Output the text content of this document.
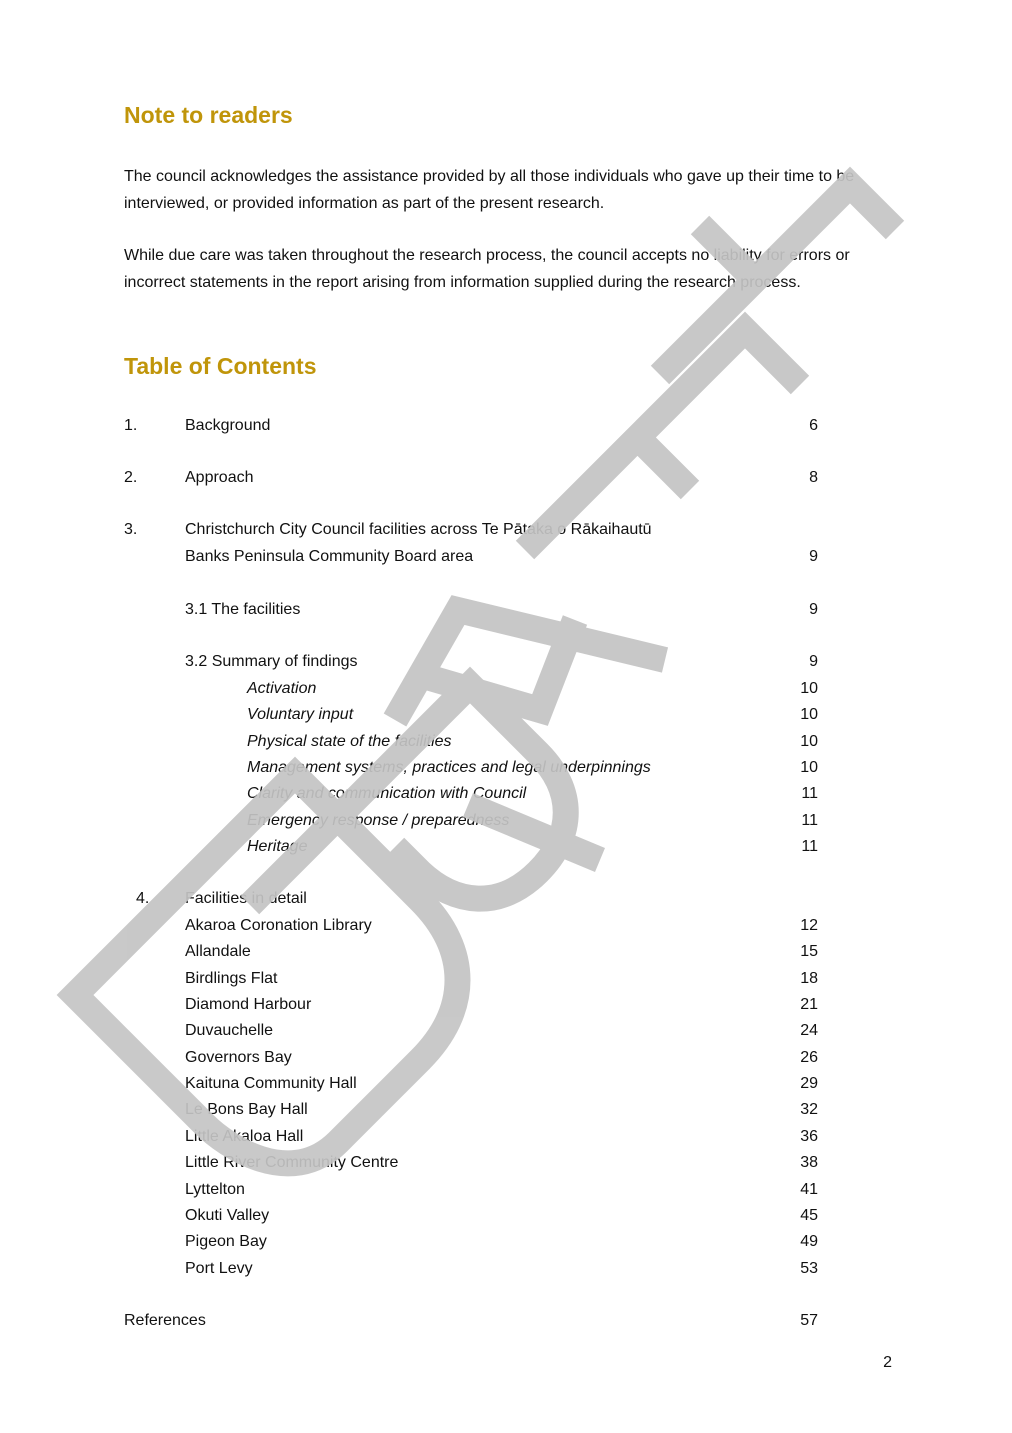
Note to readers

The council acknowledges the assistance provided by all those individuals who gave up their time to be interviewed, or provided information as part of the present research.

While due care was taken throughout the research process, the council accepts no liability for errors or incorrect statements in the report arising from information supplied during the research process.

Table of Contents
1.	Background	6
2.	Approach	8
3.	Christchurch City Council facilities across Te Pātaka o Rākaihautū
Banks Peninsula Community Board area	9
3.1 The facilities	9
3.2 Summary of findings	9
Activation	10
Voluntary input	10
Physical state of the facilities	10
Management systems, practices and legal underpinnings	10
Clarity and communication with Council	11
Emergency response / preparedness	11
Heritage	11
4. Facilities in detail
Akaroa Coronation Library	12
Allandale	15
Birdlings Flat	18
Diamond Harbour	21
Duvauchelle	24
Governors Bay	26
Kaituna Community Hall	29
Le Bons Bay Hall	32
Little Akaloa Hall	36
Little River Community Centre	38
Lyttelton	41
Okuti Valley	45
Pigeon Bay	49
Port Levy	53
References	57
2
